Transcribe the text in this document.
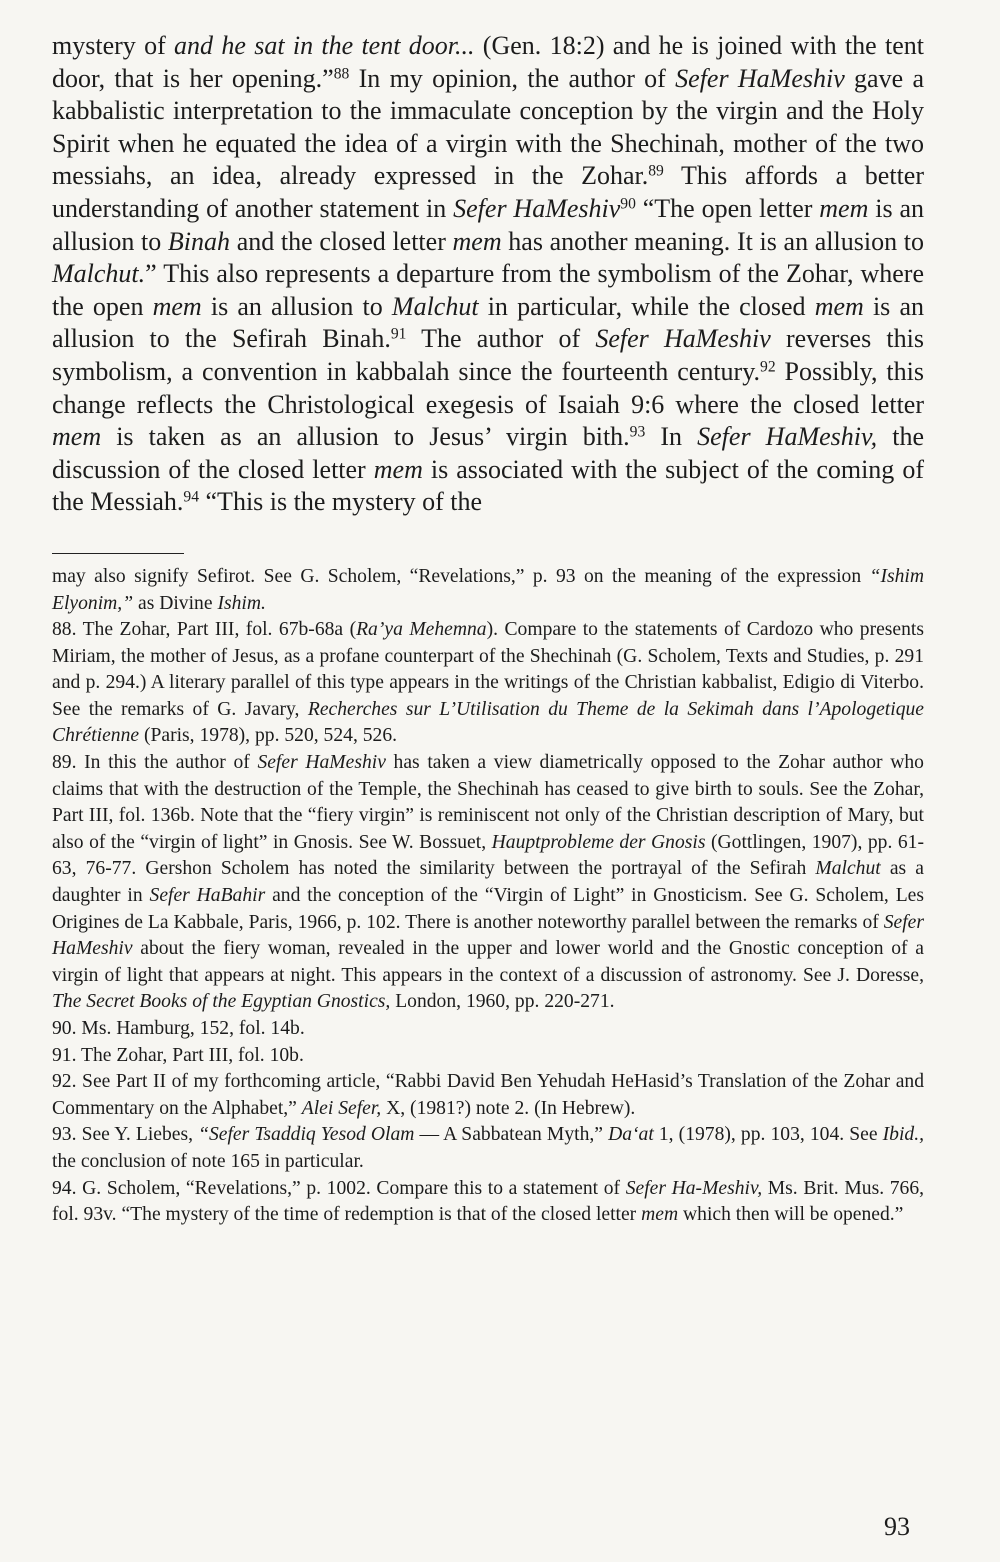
mystery of and he sat in the tent door... (Gen. 18:2) and he is joined with the tent door, that is her opening.”$^{88}$ In my opinion, the author of Sefer HaMeshiv gave a kabbalistic interpretation to the immaculate conception by the virgin and the Holy Spirit when he equated the idea of a virgin with the Shechinah, mother of the two messiahs, an idea, already expressed in the Zohar.$^{89}$ This affords a better understanding of another statement in Sefer HaMeshiv$^{90}$ “The open letter mem is an allusion to Binah and the closed letter mem has another meaning. It is an allusion to Malchut.” This also represents a departure from the symbolism of the Zohar, where the open mem is an allusion to Malchut in particular, while the closed mem is an allusion to the Sefirah Binah.$^{91}$ The author of Sefer HaMeshiv reverses this symbolism, a convention in kabbalah since the fourteenth century.$^{92}$ Possibly, this change reflects the Christological exegesis of Isaiah 9:6 where the closed letter mem is taken as an allusion to Jesus’ virgin bith.$^{93}$ In Sefer HaMeshiv, the discussion of the closed letter mem is associated with the subject of the coming of the Messiah.$^{94}$ “This is the mystery of the

may also signify Sefirot. See G. Scholem, “Revelations,” p. 93 on the meaning of the expression “Ishim Elyonim,” as Divine Ishim.

88. The Zohar, Part III, fol. 67b-68a (Ra’ya Mehemna). Compare to the statements of Cardozo who presents Miriam, the mother of Jesus, as a profane counterpart of the Shechinah (G. Scholem, Texts and Studies, p. 291 and p. 294.) A literary parallel of this type appears in the writings of the Christian kabbalist, Edigio di Viterbo. See the remarks of G. Javary, Recherches sur L’Utilisation du Theme de la Sekimah dans l’Apologetique Chrétienne (Paris, 1978), pp. 520, 524, 526.

89. In this the author of Sefer HaMeshiv has taken a view diametrically opposed to the Zohar author who claims that with the destruction of the Temple, the Shechinah has ceased to give birth to souls. See the Zohar, Part III, fol. 136b. Note that the “fiery virgin” is reminiscent not only of the Christian description of Mary, but also of the “virgin of light” in Gnosis. See W. Bossuet, Hauptprobleme der Gnosis (Gottlingen, 1907), pp. 61-63, 76-77. Gershon Scholem has noted the similarity between the portrayal of the Sefirah Malchut as a daughter in Sefer HaBahir and the conception of the “Virgin of Light” in Gnosticism. See G. Scholem, Les Origines de La Kabbale, Paris, 1966, p. 102. There is another noteworthy parallel between the remarks of Sefer HaMeshiv about the fiery woman, revealed in the upper and lower world and the Gnostic conception of a virgin of light that appears at night. This appears in the context of a discussion of astronomy. See J. Doresse, The Secret Books of the Egyptian Gnostics, London, 1960, pp. 220-271.

90. Ms. Hamburg, 152, fol. 14b.

91. The Zohar, Part III, fol. 10b.

92. See Part II of my forthcoming article, “Rabbi David Ben Yehudah HeHasid’s Translation of the Zohar and Commentary on the Alphabet,” Alei Sefer, X, (1981?) note 2. (In Hebrew).

93. See Y. Liebes, “Sefer Tsaddiq Yesod Olam — A Sabbatean Myth,” Da‘at 1, (1978), pp. 103, 104. See Ibid., the conclusion of note 165 in particular.

94. G. Scholem, “Revelations,” p. 1002. Compare this to a statement of Sefer Ha-Meshiv, Ms. Brit. Mus. 766, fol. 93v. “The mystery of the time of redemption is that of the closed letter mem which then will be opened.”

93
